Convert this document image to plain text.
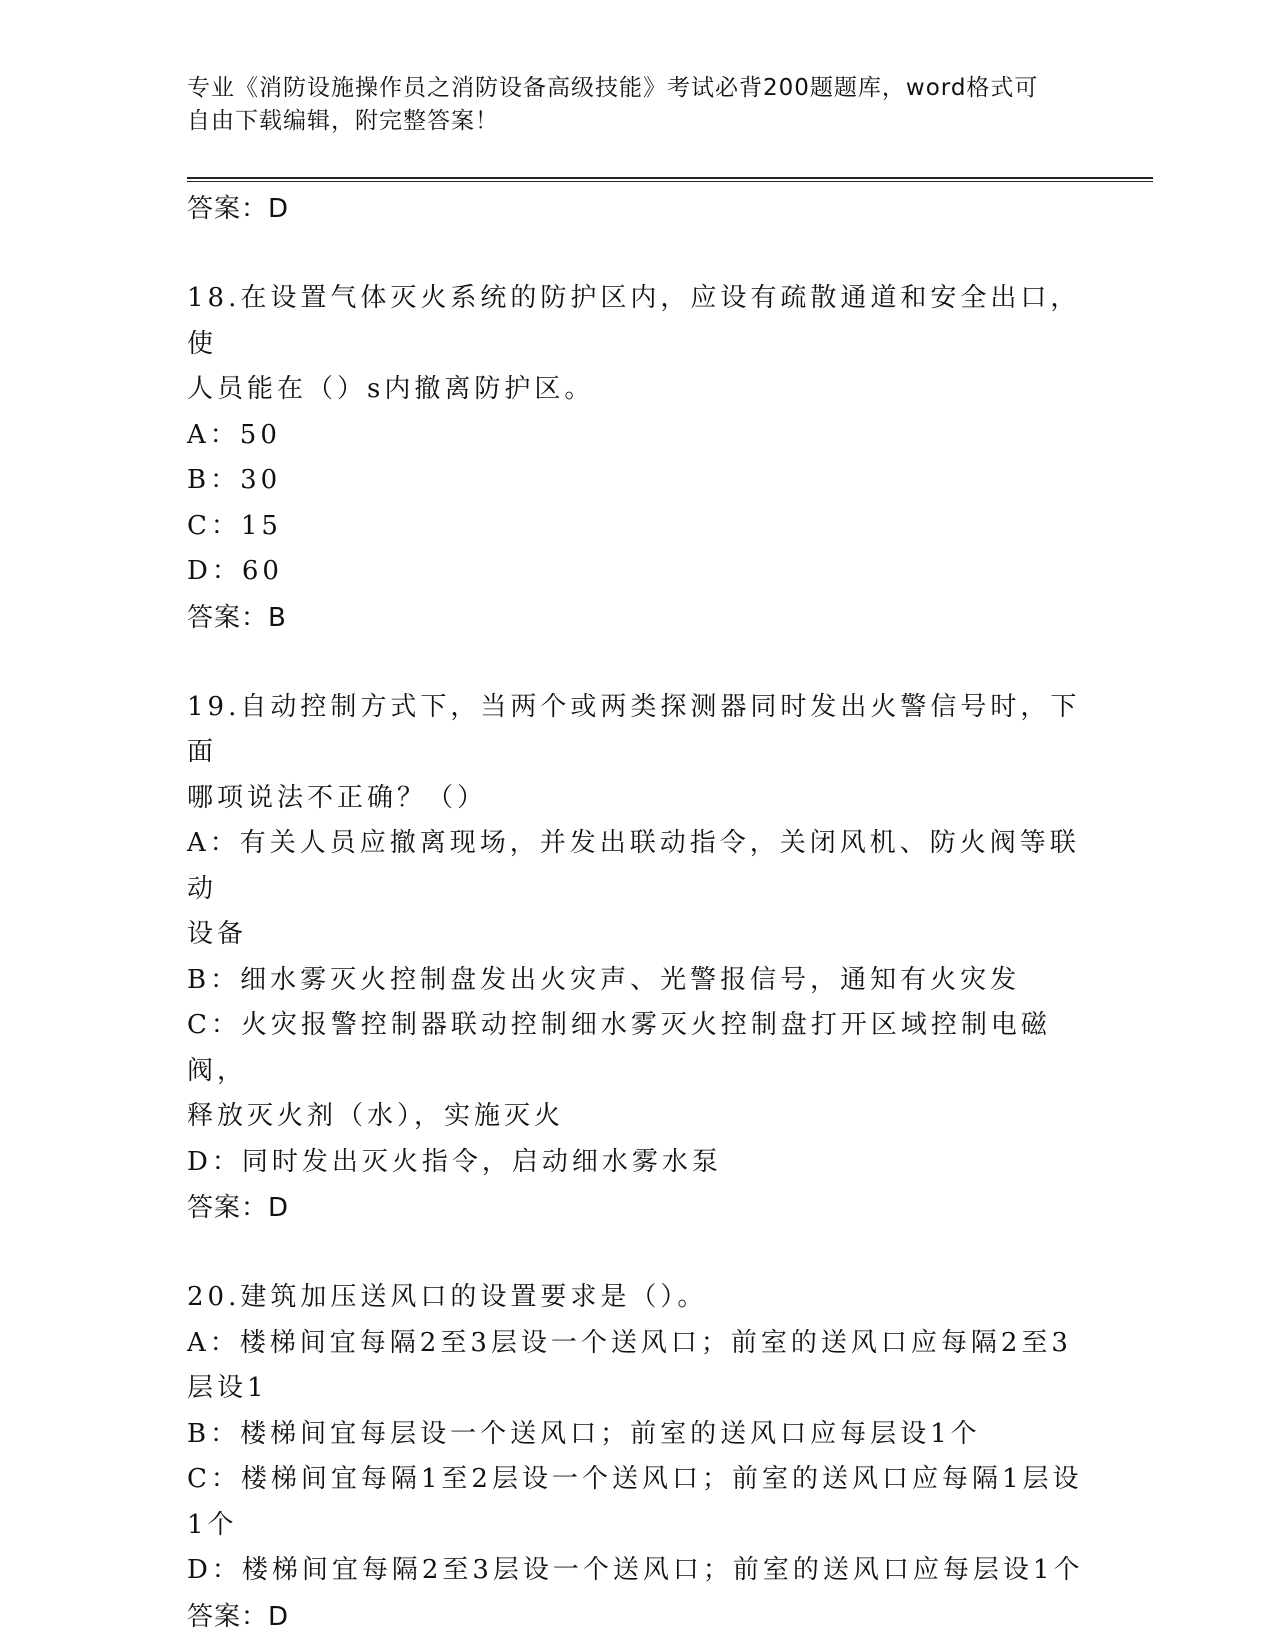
专业《消防设施操作员之消防设备高级技能》考试必背200题题库，word格式可
自由下载编辑，附完整答案！
答案：D

18.在设置气体灭火系统的防护区内，应设有疏散通道和安全出口，使

人员能在（）s内撤离防护区。

A：50

B：30

C：15

D：60

答案：B

19.自动控制方式下，当两个或两类探测器同时发出火警信号时，下面

哪项说法不正确？（）

A：有关人员应撤离现场，并发出联动指令，关闭风机、防火阀等联动

设备

B：细水雾灭火控制盘发出火灾声、光警报信号，通知有火灾发

C：火灾报警控制器联动控制细水雾灭火控制盘打开区域控制电磁阀，

释放灭火剂（水），实施灭火

D：同时发出灭火指令，启动细水雾水泵

答案：D

20.建筑加压送风口的设置要求是（）。

A：楼梯间宜每隔2至3层设一个送风口；前室的送风口应每隔2至3

层设1

B：楼梯间宜每层设一个送风口；前室的送风口应每层设1个

C：楼梯间宜每隔1至2层设一个送风口；前室的送风口应每隔1层设

1个

D：楼梯间宜每隔2至3层设一个送风口；前室的送风口应每层设1个

答案：D
